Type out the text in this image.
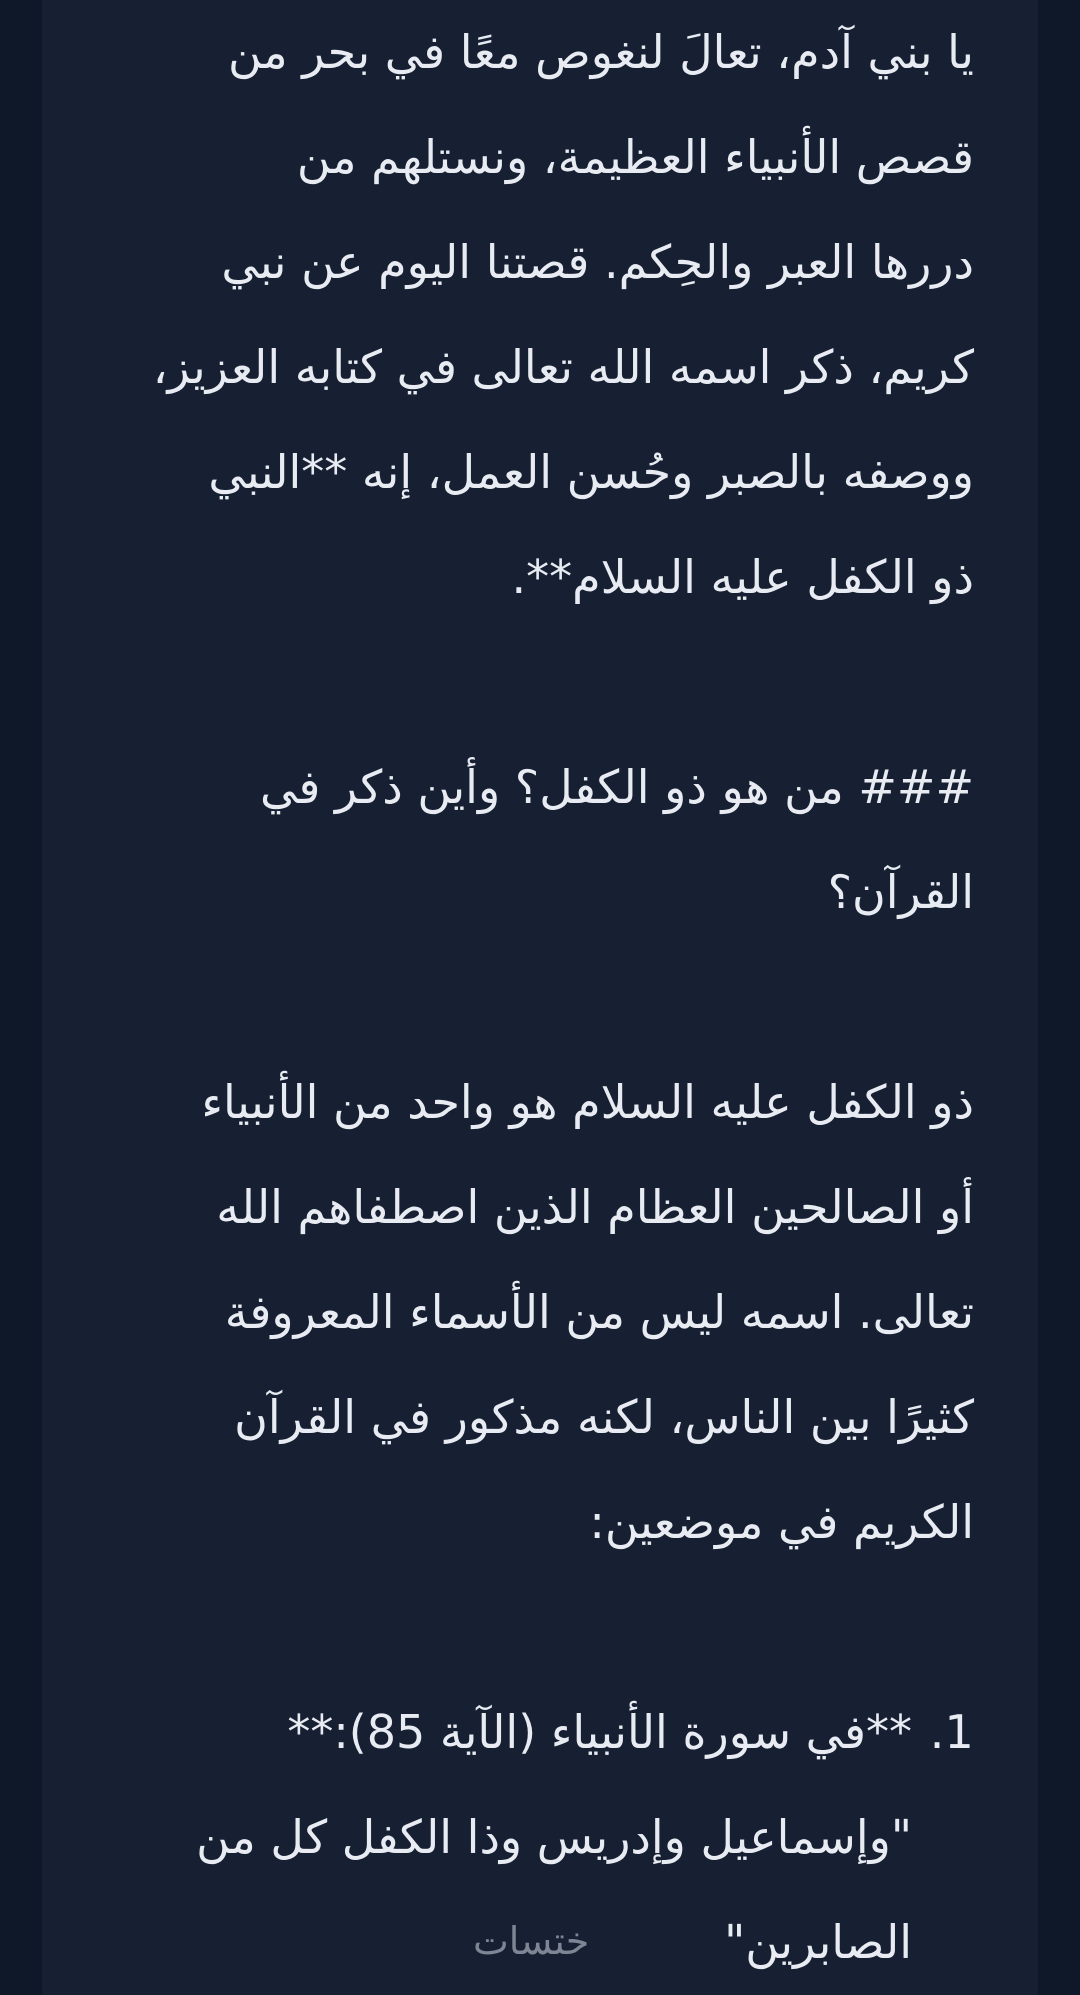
يا بني آدم، تعالَ لنغوص معًا في بحر من

قصص الأنبياء العظيمة، ونستلهم من

دررها العبر والحِكم. قصتنا اليوم عن نبي

كريم، ذكر اسمه الله تعالى في كتابه العزيز،

ووصفه بالصبر وحُسن العمل، إنه **النبي

ذو الكفل عليه السلام**.

### من هو ذو الكفل؟ وأين ذكر في

القرآن؟

ذو الكفل عليه السلام هو واحد من الأنبياء

أو الصالحين العظام الذين اصطفاهم الله

تعالى. اسمه ليس من الأسماء المعروفة

كثيرًا بين الناس، لكنه مذكور في القرآن

الكريم في موضعين:

1.
**في سورة الأنبياء (الآية 85):**
"وإسماعيل وإدريس وذا الكفل كل من
الصابرين"
ختسات
